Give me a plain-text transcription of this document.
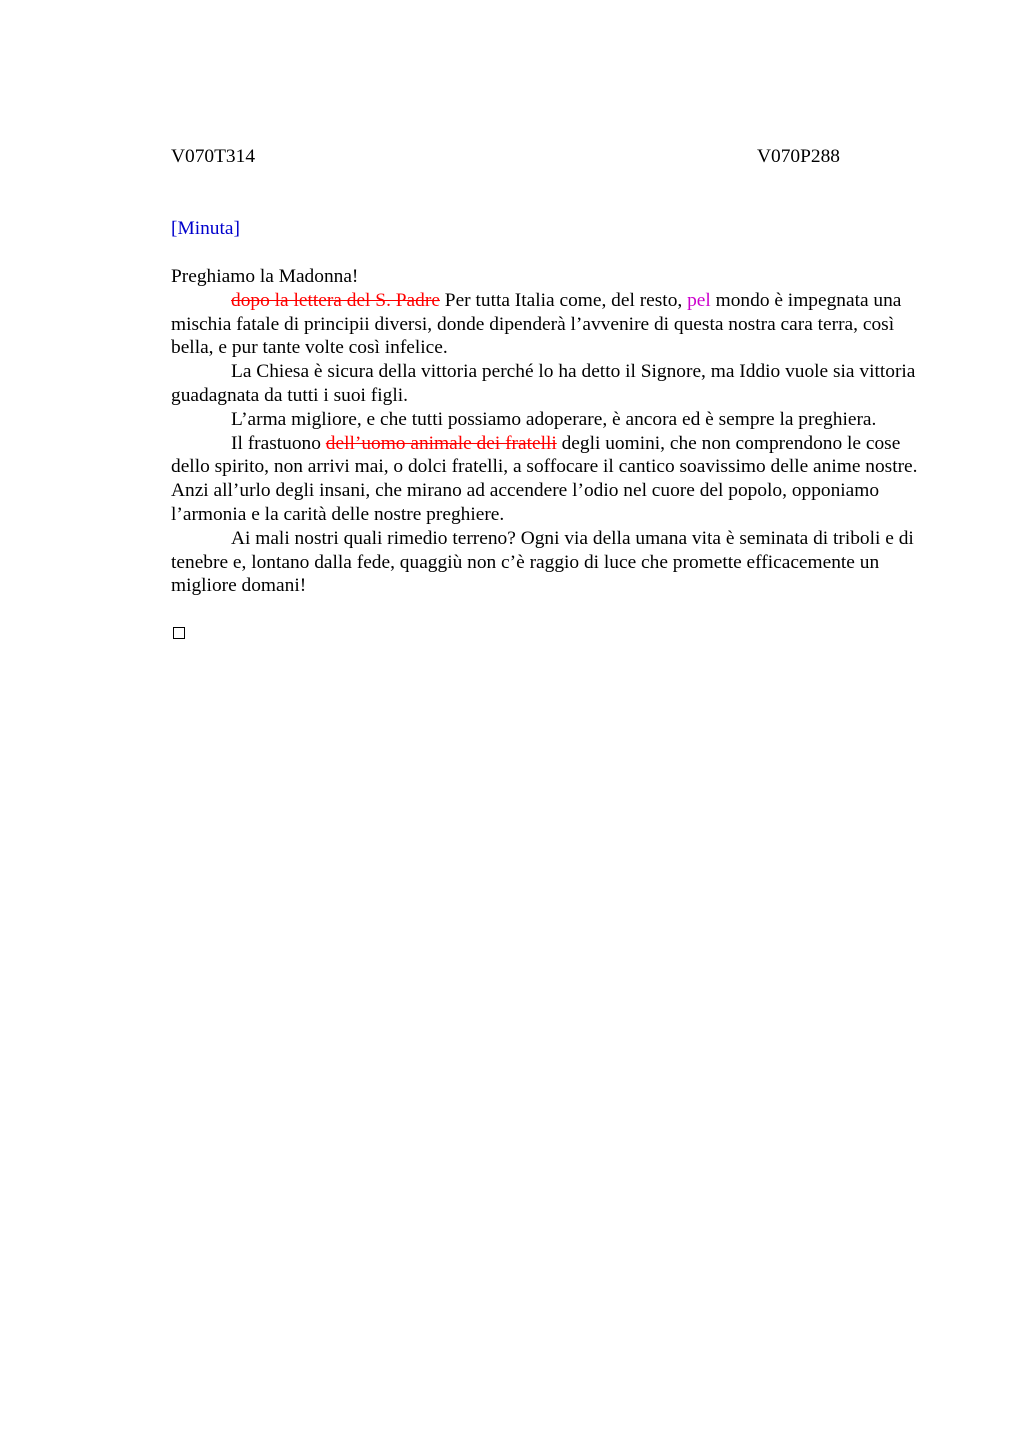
V070T314	V070P288
[Minuta]

Preghiamo la Madonna!

dopo la lettera del S. Padre Per tutta Italia come, del resto, pel mondo è impegnata una mischia fatale di principii diversi, donde dipenderà l’avvenire di questa nostra cara terra, così bella, e pur tante volte così infelice.

La Chiesa è sicura della vittoria perché lo ha detto il Signore, ma Iddio vuole sia vittoria guadagnata da tutti i suoi figli.

L’arma migliore, e che tutti possiamo adoperare, è ancora ed è sempre la preghiera.

Il frastuono dell’uomo animale dei fratelli degli uomini, che non comprendono le cose dello spirito, non arrivi mai, o dolci fratelli, a soffocare il cantico soavissimo delle anime nostre. Anzi all’urlo degli insani, che mirano ad accendere l’odio nel cuore del popolo, opponiamo l’armonia e la carità delle nostre preghiere.

Ai mali nostri quali rimedio terreno? Ogni via della umana vita è seminata di triboli e di tenebre e, lontano dalla fede, quaggiù non c’è raggio di luce che promette efficacemente un migliore domani!
